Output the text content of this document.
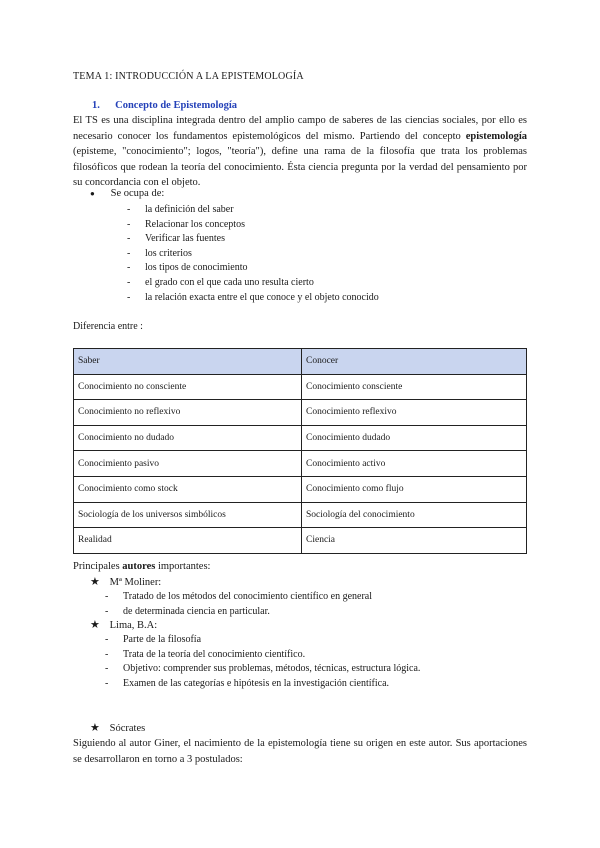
TEMA 1: INTRODUCCIÓN A LA EPISTEMOLOGÍA
1. Concepto de Epistemología

El TS es una disciplina integrada dentro del amplio campo de saberes de las ciencias sociales, por ello es necesario conocer los fundamentos epistemológicos del mismo. Partiendo del concepto epistemología (episteme, "conocimiento"; logos, "teoría"), define una rama de la filosofía que trata los problemas filosóficos que rodean la teoría del conocimiento. Ésta ciencia pregunta por la verdad del pensamiento por su concordancia con el objeto.

● Se ocupa de:
- la definición del saber
- Relacionar los conceptos
- Verificar las fuentes
- los criterios
- los tipos de conocimiento
- el grado con el que cada uno resulta cierto
- la relación exacta entre el que conoce y el objeto conocido
Diferencia entre :
Saber	Conocer
Conocimiento no consciente	Conocimiento consciente
Conocimiento no reflexivo	Conocimiento reflexivo
Conocimiento no dudado	Conocimiento dudado
Conocimiento pasivo	Conocimiento activo
Conocimiento como stock	Conocimiento como flujo
Sociología de los universos simbólicos	Sociología del conocimiento
Realidad	Ciencia
Principales autores importantes:
★ Mª Moliner:
- Tratado de los métodos del conocimiento científico en general
- de determinada ciencia en particular.
★ Lima, B.A:
- Parte de la filosofía
- Trata de la teoría del conocimiento científico.
- Objetivo: comprender sus problemas, métodos, técnicas, estructura lógica.
- Examen de las categorías e hipótesis en la investigación científica.
★ Sócrates

Siguiendo al autor Giner, el nacimiento de la epistemología tiene su origen en este autor. Sus aportaciones se desarrollaron en torno a 3 postulados:
